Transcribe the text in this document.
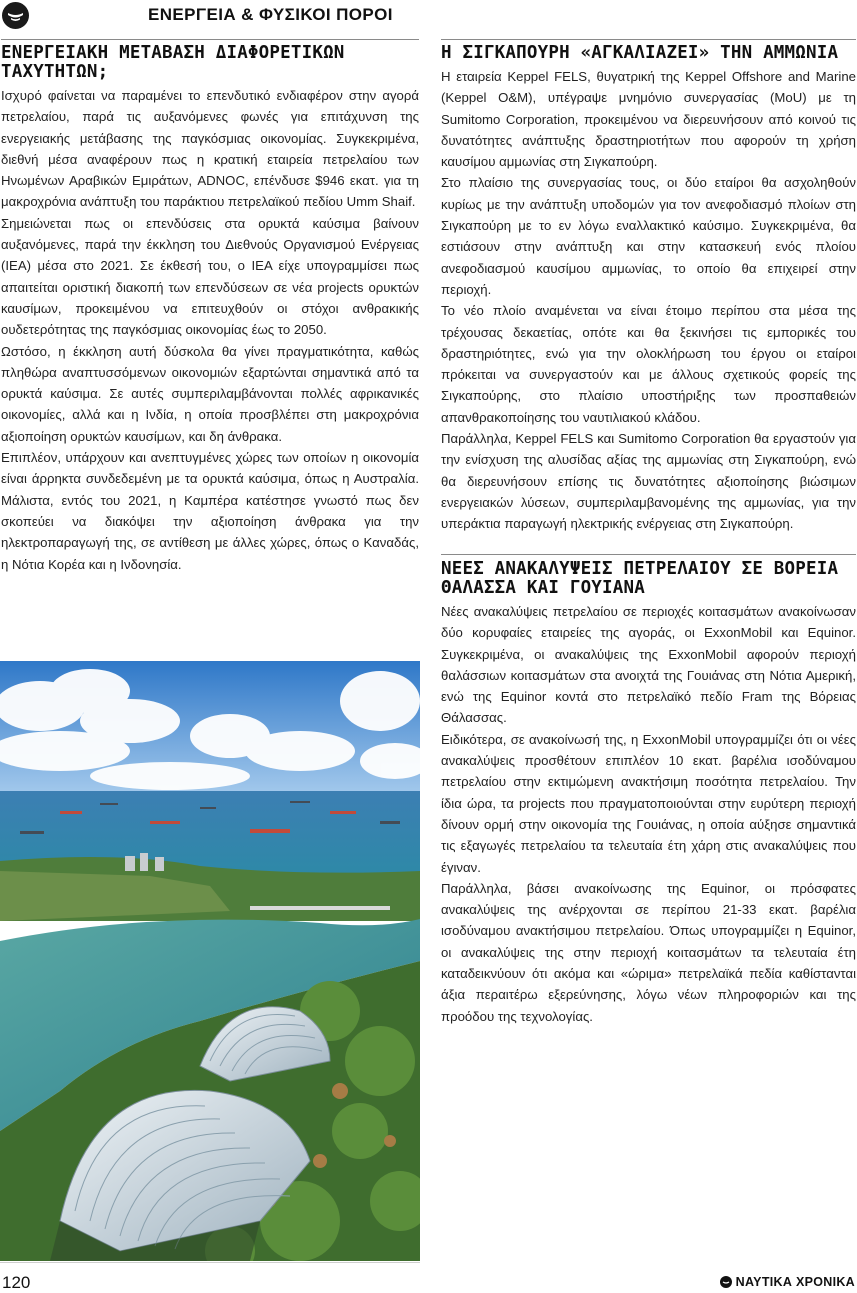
ΕΝΕΡΓΕΙΑ & ΦΥΣΙΚΟΙ ΠΟΡΟΙ
ΕΝΕΡΓΕΙΑΚΗ ΜΕΤΑΒΑΣΗ ΔΙΑΦΟΡΕΤΙΚΩΝ ΤΑΧΥΤΗΤΩΝ;

Ισχυρό φαίνεται να παραμένει το επενδυτικό ενδιαφέρον στην αγορά πετρελαίου, παρά τις αυξανόμενες φωνές για επιτάχυνση της ενεργειακής μετάβασης της παγκόσμιας οικονομίας. Συγκεκριμένα, διεθνή μέσα αναφέρουν πως η κρατική εταιρεία πετρελαίου των Ηνωμένων Αραβικών Εμιράτων, ADNOC, επένδυσε $946 εκατ. για τη μακροχρόνια ανάπτυξη του παράκτιου πετρελαϊκού πεδίου Umm Shaif.

Σημειώνεται πως οι επενδύσεις στα ορυκτά καύσιμα βαίνουν αυξανόμενες, παρά την έκκληση του Διεθνούς Οργανισμού Ενέργειας (IEA) μέσα στο 2021. Σε έκθεσή του, ο IEA είχε υπογραμμίσει πως απαιτείται οριστική διακοπή των επενδύσεων σε νέα projects ορυκτών καυσίμων, προκειμένου να επιτευχθούν οι στόχοι ανθρακικής ουδετερότητας της παγκόσμιας οικονομίας έως το 2050.

Ωστόσο, η έκκληση αυτή δύσκολα θα γίνει πραγματικότητα, καθώς πληθώρα αναπτυσσόμενων οικονομιών εξαρτώνται σημαντικά από τα ορυκτά καύσιμα. Σε αυτές συμπεριλαμβάνονται πολλές αφρικανικές οικονομίες, αλλά και η Ινδία, η οποία προσβλέπει στη μακροχρόνια αξιοποίηση ορυκτών καυσίμων, και δη άνθρακα.

Επιπλέον, υπάρχουν και ανεπτυγμένες χώρες των οποίων η οικονομία είναι άρρηκτα συνδεδεμένη με τα ορυκτά καύσιμα, όπως η Αυστραλία. Μάλιστα, εντός του 2021, η Καμπέρα κατέστησε γνωστό πως δεν σκοπεύει να διακόψει την αξιοποίηση άνθρακα για την ηλεκτροπαραγωγή της, σε αντίθεση με άλλες χώρες, όπως ο Καναδάς, η Νότια Κορέα και η Ινδονησία.

Η ΣΙΓΚΑΠΟΥΡΗ «ΑΓΚΑΛΙΑΖΕΙ» ΤΗΝ ΑΜΜΩΝΙΑ

Η εταιρεία Keppel FELS, θυγατρική της Keppel Offshore and Marine (Keppel O&M), υπέγραψε μνημόνιο συνεργασίας (MoU) με τη Sumitomo Corporation, προκειμένου να διερευνήσουν από κοινού τις δυνατότητες ανάπτυξης δραστηριοτήτων που αφορούν τη χρήση καυσίμου αμμωνίας στη Σιγκαπούρη.

Στο πλαίσιο της συνεργασίας τους, οι δύο εταίροι θα ασχοληθούν κυρίως με την ανάπτυξη υποδομών για τον ανεφοδιασμό πλοίων στη Σιγκαπούρη με το εν λόγω εναλλακτικό καύσιμο. Συγκεκριμένα, θα εστιάσουν στην ανάπτυξη και στην κατασκευή ενός πλοίου ανεφοδιασμού καυσίμου αμμωνίας, το οποίο θα επιχειρεί στην περιοχή.

Το νέο πλοίο αναμένεται να είναι έτοιμο περίπου στα μέσα της τρέχουσας δεκαετίας, οπότε και θα ξεκινήσει τις εμπορικές του δραστηριότητες, ενώ για την ολοκλήρωση του έργου οι εταίροι πρόκειται να συνεργαστούν και με άλλους σχετικούς φορείς της Σιγκαπούρης, στο πλαίσιο υποστήριξης των προσπαθειών απανθρακοποίησης του ναυτιλιακού κλάδου.

Παράλληλα, Keppel FELS και Sumitomo Corporation θα εργαστούν για την ενίσχυση της αλυσίδας αξίας της αμμωνίας στη Σιγκαπούρη, ενώ θα διερευνήσουν επίσης τις δυνατότητες αξιοποίησης βιώσιμων ενεργειακών λύσεων, συμπεριλαμβανομένης της αμμωνίας, για την υπεράκτια παραγωγή ηλεκτρικής ενέργειας στη Σιγκαπούρη.

ΝΕΕΣ ΑΝΑΚΑΛΥΨΕΙΣ ΠΕΤΡΕΛΑΙΟΥ ΣΕ ΒΟΡΕΙΑ ΘΑΛΑΣΣΑ ΚΑΙ ΓΟΥΙΑΝΑ

Νέες ανακαλύψεις πετρελαίου σε περιοχές κοιτασμάτων ανακοίνωσαν δύο κορυφαίες εταιρείες της αγοράς, οι ExxonMobil και Equinor. Συγκεκριμένα, οι ανακαλύψεις της ExxonMobil αφορούν περιοχή θαλάσσιων κοιτασμάτων στα ανοιχτά της Γουιάνας στη Νότια Αμερική, ενώ της Equinor κοντά στο πετρελαϊκό πεδίο Fram της Βόρειας Θάλασσας.

Ειδικότερα, σε ανακοίνωσή της, η ExxonMobil υπογραμμίζει ότι οι νέες ανακαλύψεις προσθέτουν επιπλέον 10 εκατ. βαρέλια ισοδύναμου πετρελαίου στην εκτιμώμενη ανακτήσιμη ποσότητα πετρελαίου. Την ίδια ώρα, τα projects που πραγματοποιούνται στην ευρύτερη περιοχή δίνουν ορμή στην οικονομία της Γουιάνας, η οποία αύξησε σημαντικά τις εξαγωγές πετρελαίου τα τελευταία έτη χάρη στις ανακαλύψεις που έγιναν.

Παράλληλα, βάσει ανακοίνωσης της Equinor, οι πρόσφατες ανακαλύψεις της ανέρχονται σε περίπου 21-33 εκατ. βαρέλια ισοδύναμου ανακτήσιμου πετρελαίου. Όπως υπογραμμίζει η Equinor, οι ανακαλύψεις της στην περιοχή κοιτασμάτων τα τελευταία έτη καταδεικνύουν ότι ακόμα και «ώριμα» πετρελαϊκά πεδία καθίστανται άξια περαιτέρω εξερεύνησης, λόγω νέων πληροφοριών και της προόδου της τεχνολογίας.

120	ΝΑΥΤΙΚΑ ΧΡΟΝΙΚΑ
